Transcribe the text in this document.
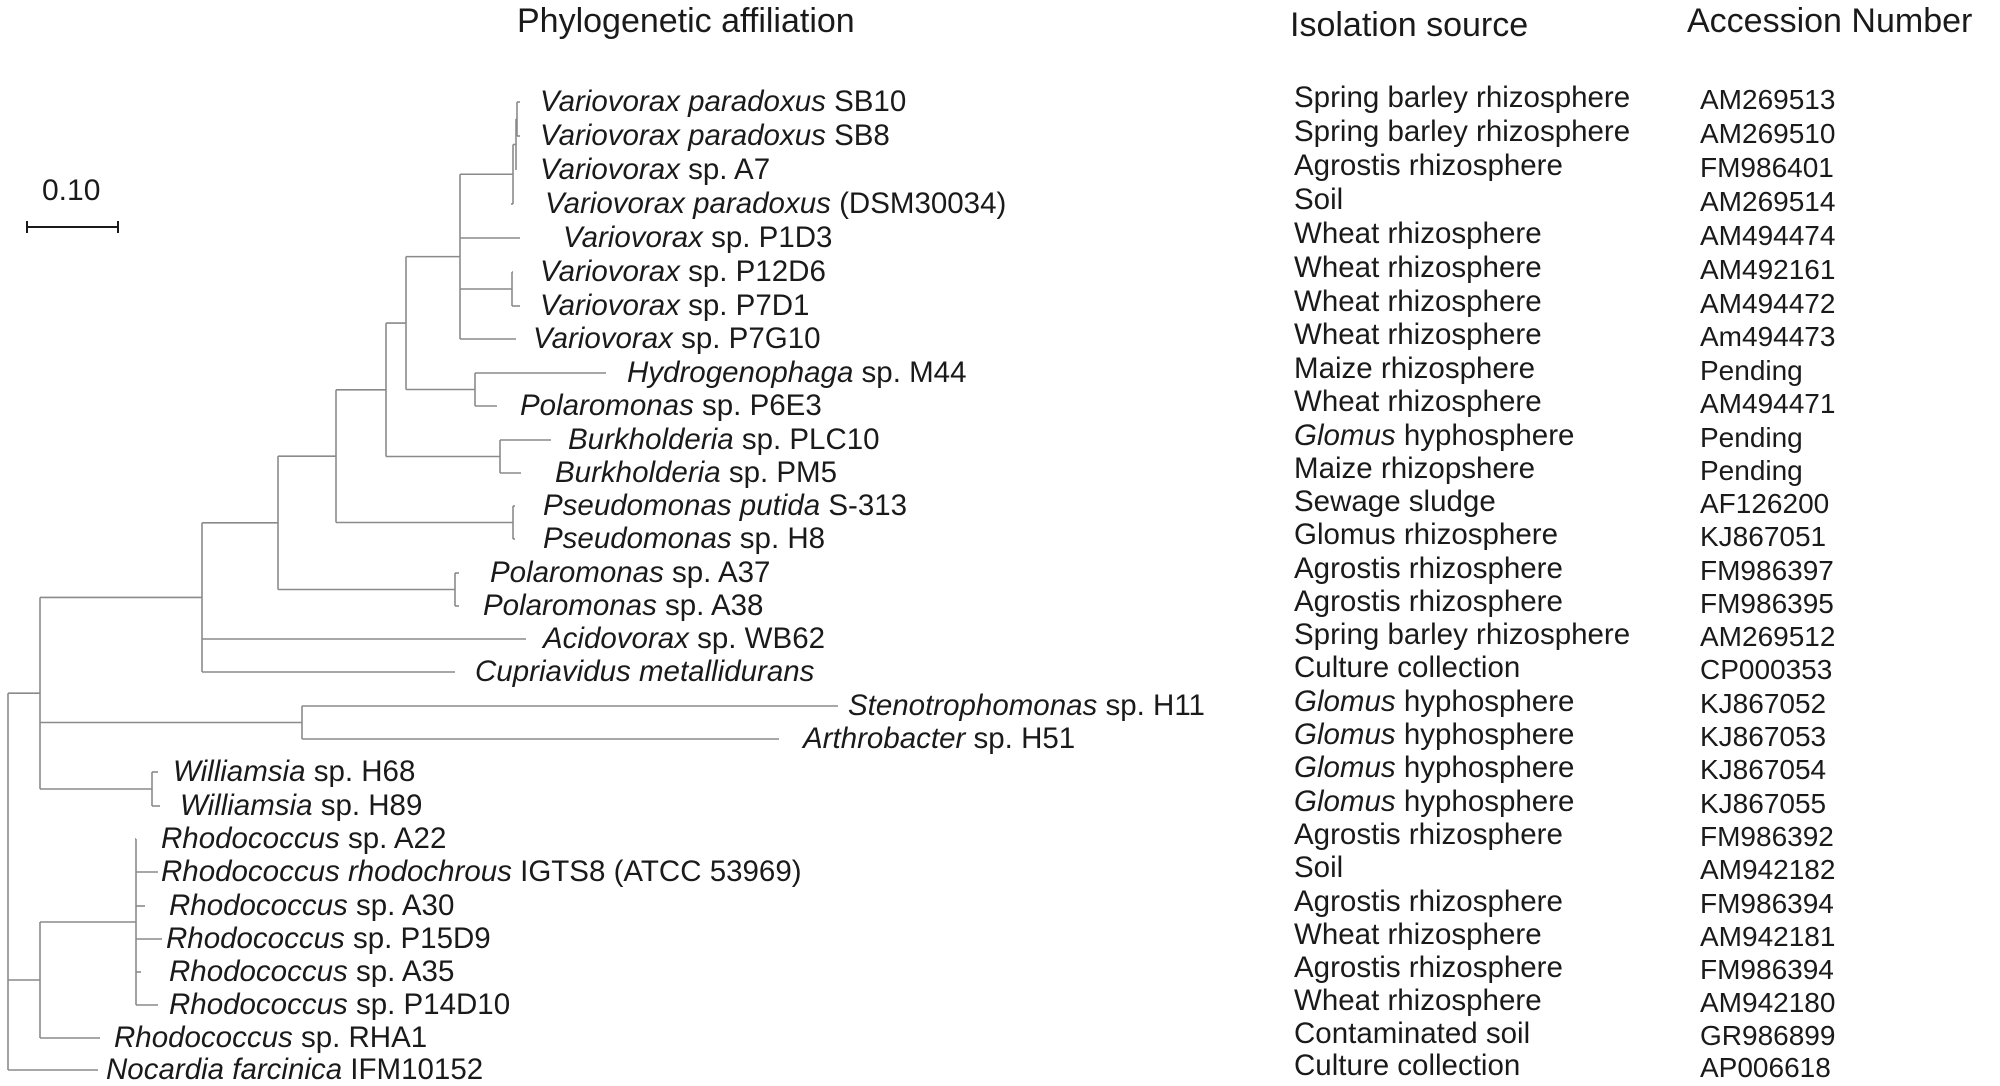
Phylogenetic affiliation	Isolation source	Accession Number
0.10
Variovorax paradoxus SB10	Spring barley rhizosphere AM269513
Variovorax paradoxus SB8	Spring barley rhizosphere AM269510
Variovorax sp. A7	Agrostis rhizosphere	FM986401
Variovorax paradoxus (DSM30034)	Soil	AM269514
Variovorax sp. P1D3	Wheat rhizosphere	AM494474
Variovorax sp. P12D6	Wheat rhizosphere	AM492161
Variovorax sp. P7D1	Wheat rhizosphere	AM494472
Variovorax sp. P7G10	Wheat rhizosphere	Am494473
Hydrogenophaga sp. M44	Maize rhizosphere	Pending
Polaromonas sp. P6E3	Wheat rhizosphere	AM494471
Burkholderia sp. PLC10	Glomus hyphosphere	Pending
Burkholderia sp. PM5	Maize rhizopshere	Pending
Pseudomonas putida S-313	Sewage sludge	AF126200
Pseudomonas sp. H8	Glomus rhizosphere	KJ867051
Polaromonas sp. A37	Agrostis rhizosphere	FM986397
Polaromonas sp. A38	Agrostis rhizosphere	FM986395
Acidovorax sp. WB62	Spring barley rhizosphere AM269512
Cupriavidus metallidurans	Culture collection	CP000353
Stenotrophomonas sp. H11	Glomus hyphosphere	KJ867052
Arthrobacter sp. H51	Glomus hyphosphere	KJ867053
Williamsia sp. H68	Glomus hyphosphere	KJ867054
Williamsia sp. H89	Glomus hyphosphere	KJ867055
Rhodococcus sp. A22	Agrostis rhizosphere	FM986392
Rhodococcus rhodochrous IGTS8 (ATCC 53969)	Soil	AM942182
Rhodococcus sp. A30	Agrostis rhizosphere	FM986394
Rhodococcus sp. P15D9	Wheat rhizosphere	AM942181
Rhodococcus sp. A35	Agrostis rhizosphere	FM986394
Rhodococcus sp. P14D10	Wheat rhizosphere	AM942180
Rhodococcus sp. RHA1	Contaminated soil	GR986899
Nocardia farcinica IFM10152	Culture collection	AP006618
